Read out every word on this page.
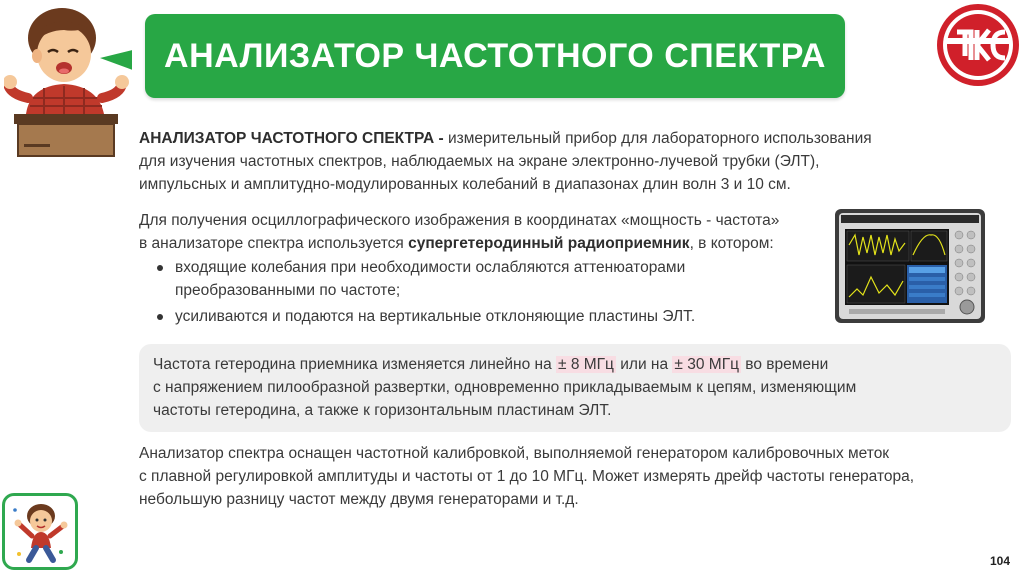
АНАЛИЗАТОР ЧАСТОТНОГО СПЕКТРА

АНАЛИЗАТОР ЧАСТОТНОГО СПЕКТРА - измерительный прибор для лабораторного использования
для изучения частотных спектров, наблюдаемых на экране электронно-лучевой трубки (ЭЛТ),
импульсных и амплитудно-модулированных колебаний в диапазонах длин волн 3 и 10 см.

Для получения осциллографического изображения в координатах «мощность - частота»
в анализаторе спектра используется супергетеродинный радиоприемник, в котором:

входящие колебания при необходимости ослабляются аттенюаторами
преобразованными по частоте;
усиливаются и подаются на вертикальные отклоняющие пластины ЭЛТ.

Частота гетеродина приемника изменяется линейно на ± 8 МГц или на ± 30 МГц во времени
с напряжением пилообразной развертки, одновременно прикладываемым к цепям, изменяющим
частоты гетеродина, а также к горизонтальным пластинам ЭЛТ.

Анализатор спектра оснащен частотной калибровкой, выполняемой генератором калибровочных меток
с плавной регулировкой амплитуды и частоты от 1 до 10 МГц. Может измерять дрейф частоты генератора,
небольшую разницу частот между двумя генераторами и т.д.

104
